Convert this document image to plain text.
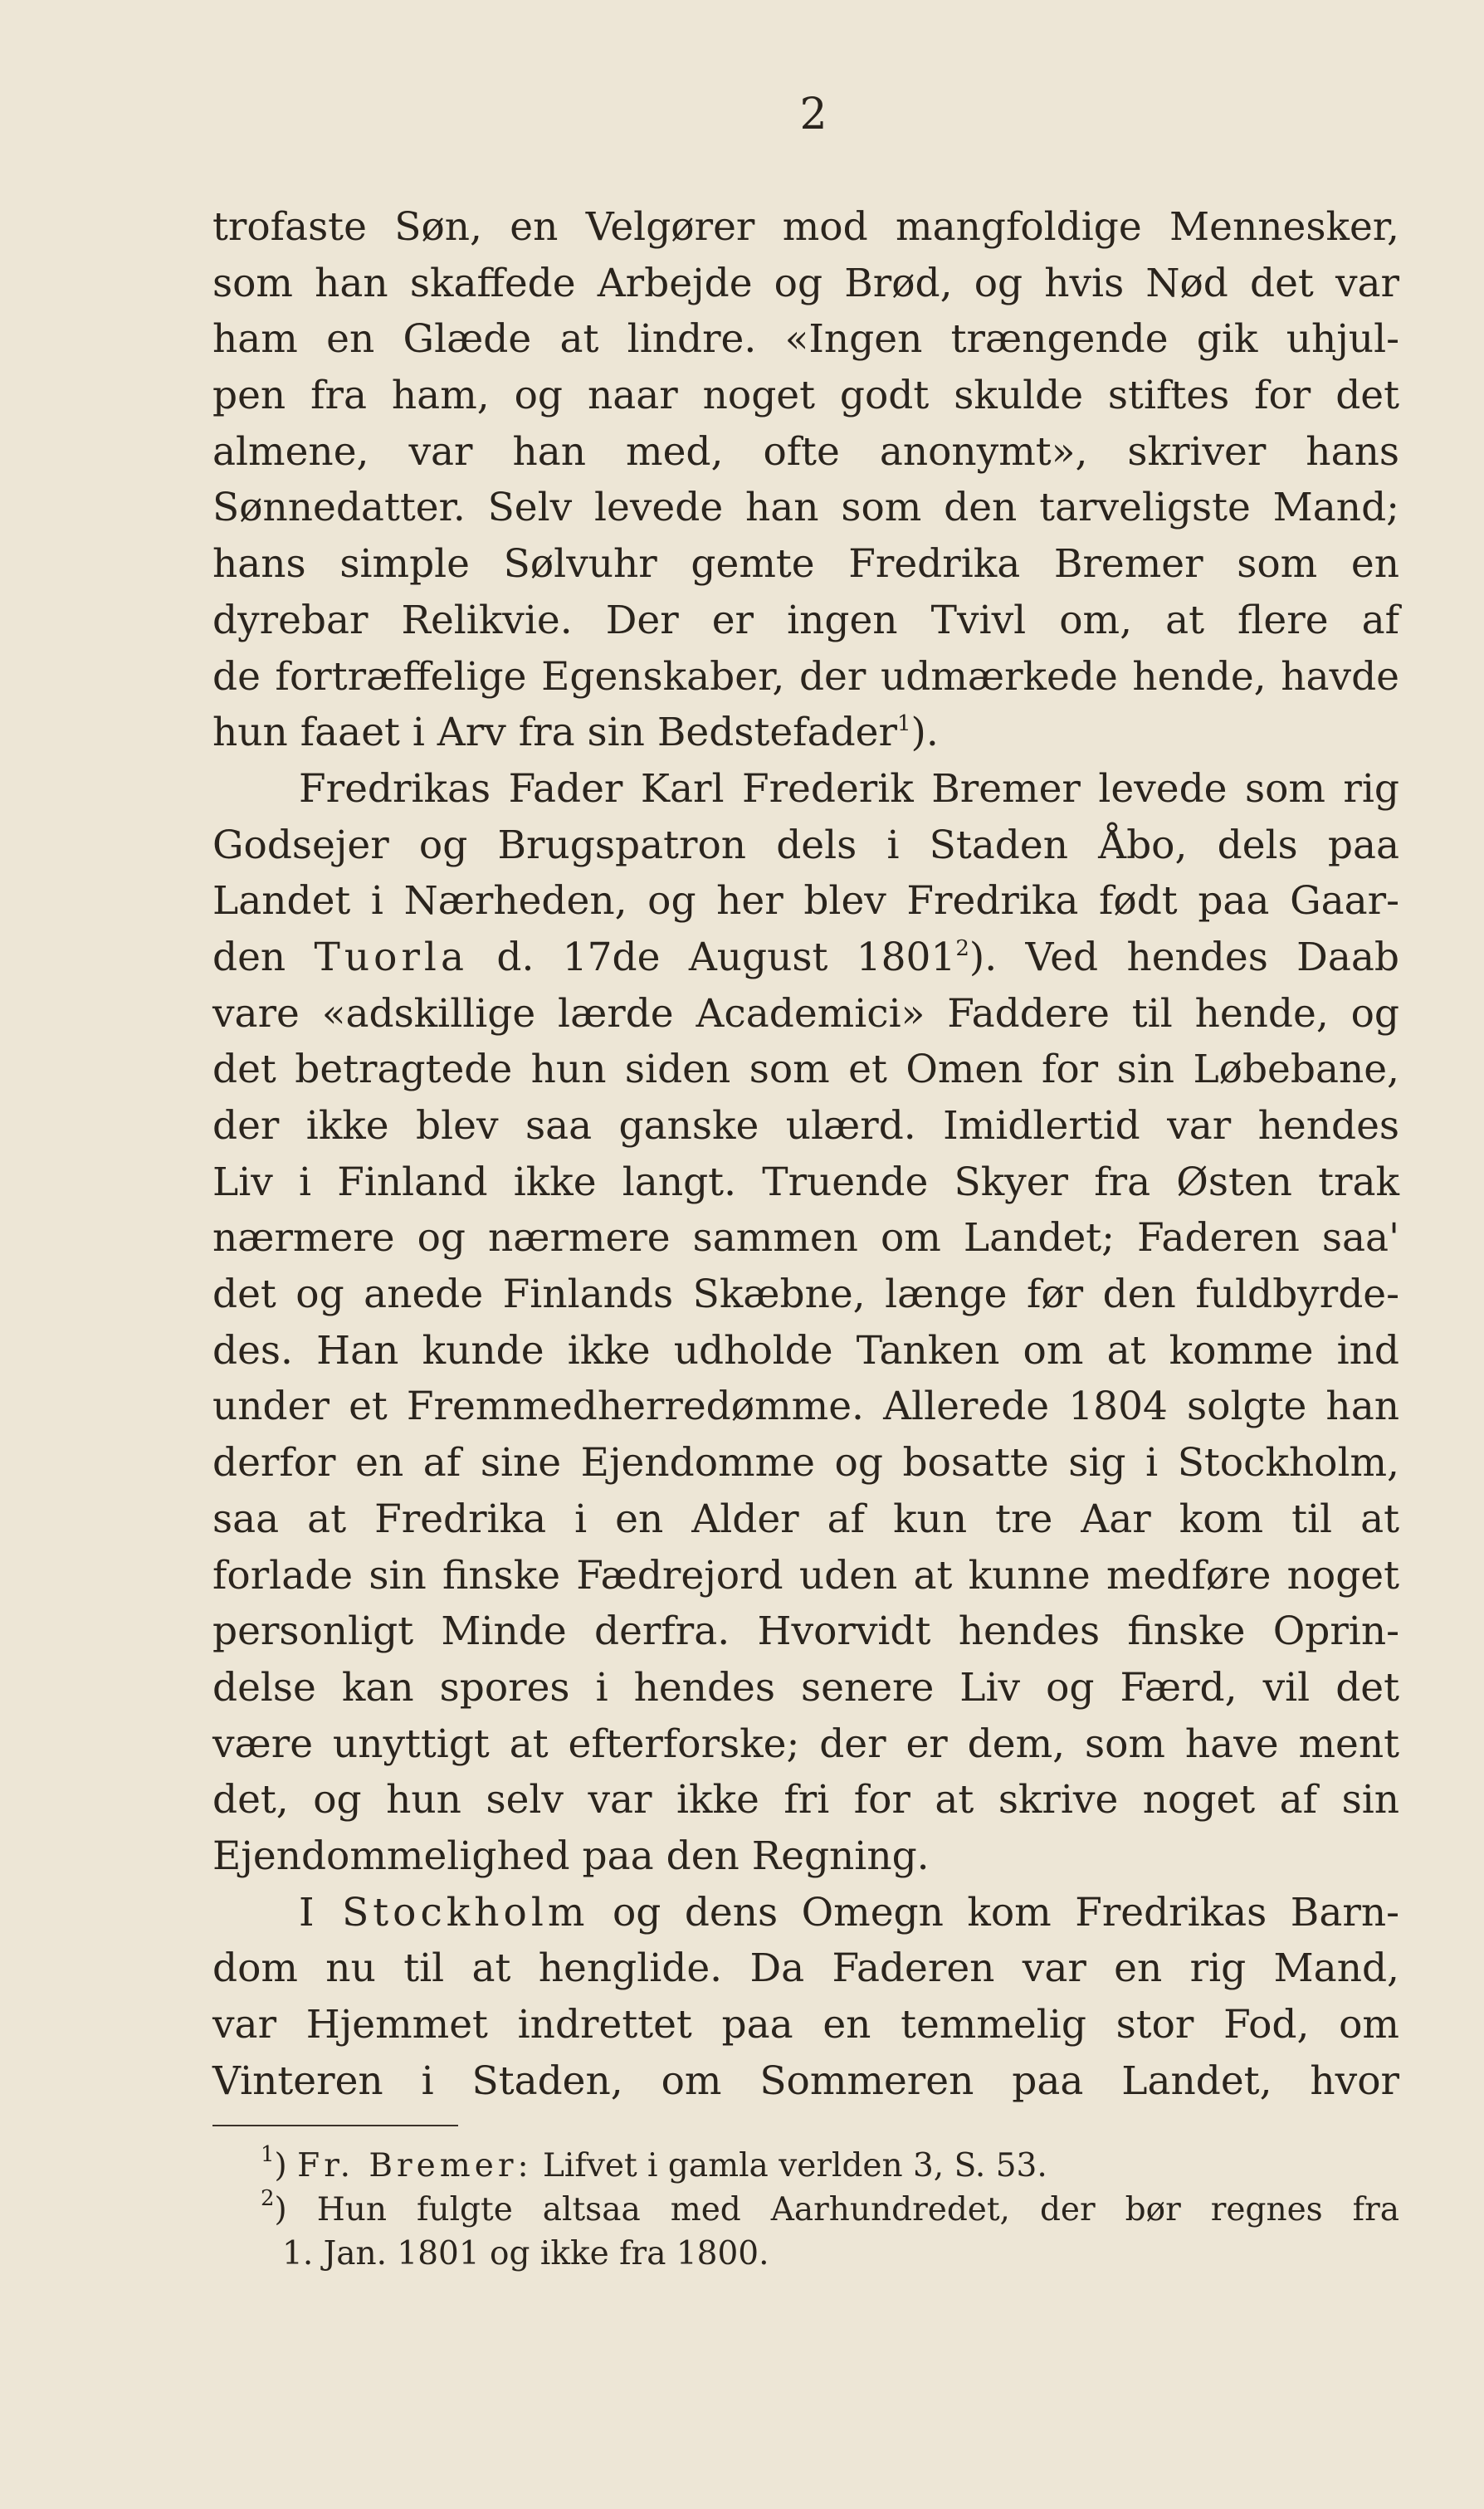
2
trofaste Søn, en Velgører mod mangfoldige Mennesker,
som han skaffede Arbejde og Brød, og hvis Nød det var
ham en Glæde at lindre. «Ingen trængende gik uhjul-
pen fra ham, og naar noget godt skulde stiftes for det
almene, var han med, ofte anonymt», skriver hans
Sønnedatter. Selv levede han som den tarveligste Mand;
hans simple Sølvuhr gemte Fredrika Bremer som en
dyrebar Relikvie. Der er ingen Tvivl om, at flere af
de fortræffelige Egenskaber, der udmærkede hende, havde
hun faaet i Arv fra sin Bedstefader$^1$).
Fredrikas Fader Karl Frederik Bremer levede som rig
Godsejer og Brugspatron dels i Staden Åbo, dels paa
Landet i Nærheden, og her blev Fredrika født paa Gaar-
den Tuorla d. 17de August 1801$^2$). Ved hendes Daab
vare «adskillige lærde Academici» Faddere til hende, og
det betragtede hun siden som et Omen for sin Løbebane,
der ikke blev saa ganske ulærd. Imidlertid var hendes
Liv i Finland ikke langt. Truende Skyer fra Østen trak
nærmere og nærmere sammen om Landet; Faderen saa'
det og anede Finlands Skæbne, længe før den fuldbyrde-
des. Han kunde ikke udholde Tanken om at komme ind
under et Fremmedherredømme. Allerede 1804 solgte han
derfor en af sine Ejendomme og bosatte sig i Stockholm,
saa at Fredrika i en Alder af kun tre Aar kom til at
forlade sin finske Fædrejord uden at kunne medføre noget
personligt Minde derfra. Hvorvidt hendes finske Oprin-
delse kan spores i hendes senere Liv og Færd, vil det
være unyttigt at efterforske; der er dem, som have ment
det, og hun selv var ikke fri for at skrive noget af sin
Ejendommelighed paa den Regning.
I Stockholm og dens Omegn kom Fredrikas Barn-
dom nu til at henglide. Da Faderen var en rig Mand,
var Hjemmet indrettet paa en temmelig stor Fod, om
Vinteren i Staden, om Sommeren paa Landet, hvor
$^1$) Fr. Bremer: Lifvet i gamla verlden 3, S. 53.
$^2$) Hun fulgte altsaa med Aarhundredet, der bør regnes fra
1. Jan. 1801 og ikke fra 1800.
